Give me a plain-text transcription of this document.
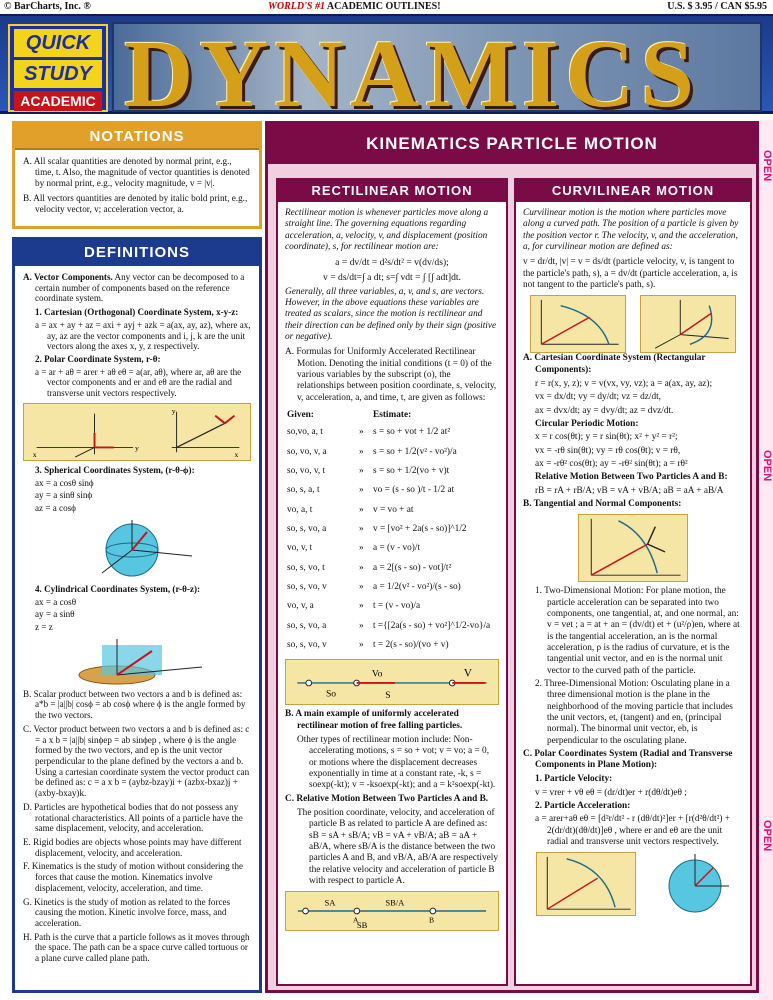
© BarCharts, Inc. ®	WORLD'S #1 ACADEMIC OUTLINES!	U.S. $ 3.95 / CAN $5.95
QUICK
STUDY
ACADEMIC DYNAMICS
OPEN
OPEN
OPEN
NOTATIONS

A. All scalar quantities are denoted by normal print, e.g., time, t. Also, the magnitude of vector quantities is denoted by normal print, e.g., velocity magnitude, v = |v|.

B. All vectors quantities are denoted by italic bold print, e.g., velocity vector, v; acceleration vector, a.

DEFINITIONS

A. Vector Components. Any vector can be decomposed to a certain number of components based on the reference coordinate system.

1. Cartesian (Orthogonal) Coordinate System, x-y-z:

a = ax + ay + az = axi + ayj + azk = a(ax, ay, az), where ax, ay, az are the vector components and i, j, k are the unit vectors along the axes x, y, z respectively.

2. Polar Coordinate System, r-θ:

a = ar + aθ = arer + aθ eθ = a(ar, aθ), where ar, aθ are the vector components and er and eθ are the radial and transverse unit vectors respectively.

x
y
y
x

3. Spherical Coordinates System, (r-θ-ϕ):

ax = a cosθ sinϕ

ay = a sinθ sinϕ

az = a cosϕ

4. Cylindrical Coordinates System, (r-θ-z):

ax = a cosθ

ay = a sinθ

z = z

B. Scalar product between two vectors a and b is defined as: a*b = |a||b| cosϕ = ab cosϕ where ϕ is the angle formed by the two vectors.

C. Vector product between two vectors a and b is defined as: c = a x b = |a||b| sinϕep = ab sinϕep , where ϕ is the angle formed by the two vectors, and ep is the unit vector perpendicular to the plane defined by the vectors a and b. Using a cartesian coordinate system the vector product can be defined as: c = a x b = (aybz-bzay)i + (azbx-bxaz)j + (axby-bxay)k.

D. Particles are hypothetical bodies that do not possess any rotational characteristics. All points of a particle have the same displacement, velocity, and acceleration.

E. Rigid bodies are objects whose points may have different displacement, velocity, and acceleration.

F. Kinematics is the study of motion without considering the forces that cause the motion. Kinematics involve displacement, velocity, acceleration, and time.

G. Kinetics is the study of motion as related to the forces causing the motion. Kinetic involve force, mass, and acceleration.

H. Path is the curve that a particle follows as it moves through the space. The path can be a space curve called tortuous or a plane curve called plane path.

KINEMATICS PARTICLE MOTION
RECTILINEAR MOTION

Rectilinear motion is whenever particles move along a straight line. The governing equations regarding acceleration, a, velocity, v, and displacement (position coordinate), s, for rectilinear motion are:

a = dv/dt = d²s/dt² = v(dv/ds);

v = ds/dt=∫ a dt; s=∫ vdt = ∫ [∫ adt]dt.

Generally, all three variables, a, v, and s, are vectors. However, in the above equations these variables are treated as scalars, since the motion is rectilinear and their direction can be defined only by their sign (positive or negative).

A. Formulas for Uniformly Accelerated Rectilinear Motion. Denoting the initial conditions (t = 0) of the various variables by the subscript (o), the relationships between position coordinate, s, velocity, v, acceleration, a, and time, t, are given as follows:

Given:		Estimate:
so,vo, a, t	»	s = so + vot + 1/2 at²
so, vo, v, a	»	s = so + 1/2(v² - vo²)/a
so, vo, v, t	»	s = so + 1/2(vo + v)t
so, s, a, t	»	vo = (s - so )/t - 1/2 at
vo, a, t	»	v = vo + at
so, s, vo, a	»	v = [vo² + 2a(s - so)]^1/2
vo, v, t	»	a = (v - vo)/t
so, s, vo, t	»	a = 2[(s - so) - vot]/t²
so, s, vo, v	»	a = 1/2(v² - vo²)/(s - so)
vo, v, a	»	t = (v - vo)/a
so, s, vo, a	»	t ={[2a(s - so) + vo²]^1/2-vo}/a
so, s, vo, v	»	t = 2(s - so)/(vo + v)
Vo	V
So	S

B. A main example of uniformly accelerated rectilinear motion of free falling particles.

Other types of rectilinear motion include: Non-accelerating motions, s = so + vot; v = vo; a = 0, or motions where the displacement decreases exponentially in time at a constant rate, -k, s = soexp(-kt); v = -ksoexp(-kt); and a = k²soexp(-kt).

C. Relative Motion Between Two Particles A and B.

The position coordinate, velocity, and acceleration of particle B as related to particle A are defined as: sB = sA + sB/A; vB = vA + vB/A; aB = aA + aB/A, where sB/A is the distance between the two particles A and B, and vB/A, aB/A are respectively the relative velocity and acceleration of particle B with respect to particle A.

SA
A
SB/A
B
SB
CURVILINEAR MOTION

Curvilinear motion is the motion where particles move along a curved path. The position of a particle is given by the position vector r. The velocity, v, and the acceleration, a, for curvilinear motion are defined as:

v = dr/dt, |v| = v = ds/dt (particle velocity, v, is tangent to the particle's path, s), a = dv/dt (particle acceleration, a, is not tangent to the particle's path, s).

A. Cartesian Coordinate System (Rectangular Components):

r = r(x, y, z); v = v(vx, vy, vz); a = a(ax, ay, az);

vx = dx/dt; vy = dy/dt; vz = dz/dt,

ax = dvx/dt; ay = dvy/dt; az = dvz/dt.

Circular Periodic Motion:

x = r cos(θt); y = r sin(θt); x² + y² = r²;

vx = -rθ sin(θt); vy = rθ cos(θt); v = rθ,

ax = -rθ² cos(θt); ay = -rθ² sin(θt); a = rθ²

Relative Motion Between Two Particles A and B:

rB = rA + rB/A; vB = vA + vB/A; aB = aA + aB/A

B. Tangential and Normal Components:

1. Two-Dimensional Motion: For plane motion, the particle acceleration can be separated into two components, one tangential, at, and one normal, an: v = vet ; a = at + an = (dv/dt) et + (u²/ρ)en, where at is the tangential acceleration, an is the normal acceleration, ρ is the radius of curvature, et is the tangential unit vector, and en is the normal unit vector to the curved path of the particle.

2. Three-Dimensional Motion: Osculating plane in a three dimensional motion is the plane in the neighborhood of the moving particle that includes the unit vectors, et, (tangent) and en, (principal normal). The binormal unit vector, eb, is perpendicular to the osculating plane.

C. Polar Coordinates System (Radial and Transverse Components in Plane Motion):

1. Particle Velocity:

v = vrer + vθ eθ = (dr/dt)er + r(dθ/dt)eθ ;

2. Particle Acceleration:

a = arer+aθ eθ = [d²r/dt² - r (dθ/dt)²]er + [r(d²θ/dt²) + 2(dr/dt)(dθ/dt)]eθ , where er and eθ are the unit radial and transverse unit vectors respectively.
